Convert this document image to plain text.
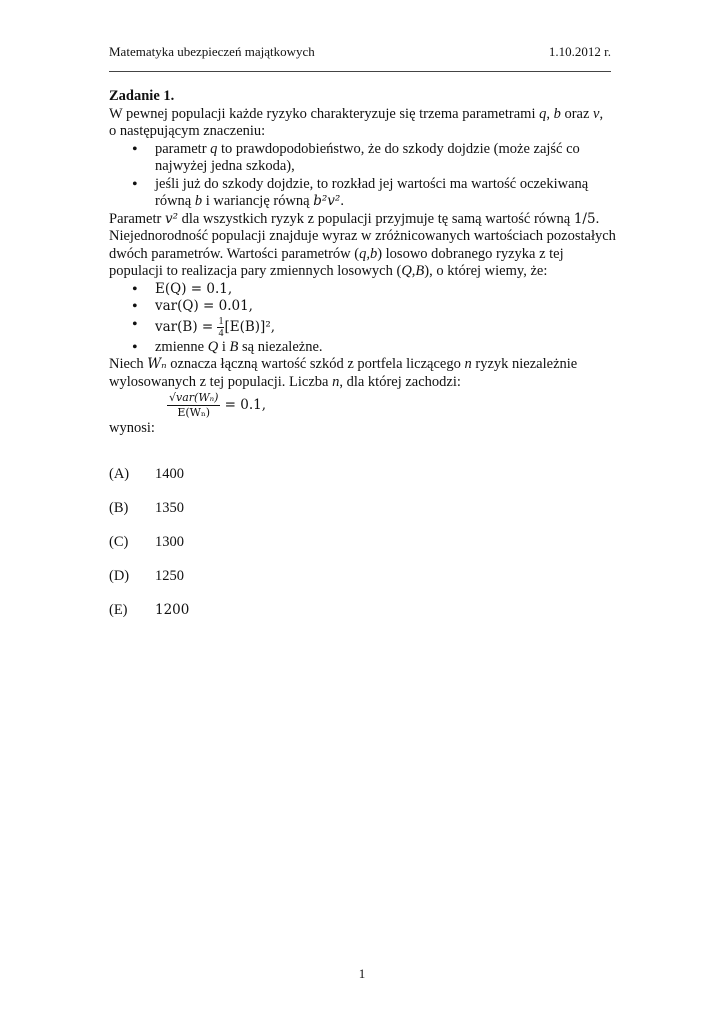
Matematyka ubezpieczeń majątkowych	1.10.2012 r.
Zadanie 1.
W pewnej populacji każde ryzyko charakteryzuje się trzema parametrami q, b oraz v,
o następującym znaczeniu:
• parametr q to prawdopodobieństwo, że do szkody dojdzie (może zajść co najwyżej jedna szkoda),
• jeśli już do szkody dojdzie, to rozkład jej wartości ma wartość oczekiwaną równą b i wariancję równą b²v².
Parametr v² dla wszystkich ryzyk z populacji przyjmuje tę samą wartość równą 1/5.
Niejednorodność populacji znajduje wyraz w zróżnicowanych wartościach pozostałych dwóch parametrów. Wartości parametrów (q,b) losowo dobranego ryzyka z tej populacji to realizacja pary zmiennych losowych (Q,B), o której wiemy, że:
• E(Q) = 0.1,
• var(Q) = 0.01,
• $var(B) = \frac{1}{4} [E(B)]^2$,
• zmienne Q i B są niezależne.
Niech Wₙ oznacza łączną wartość szkód z portfela liczącego n ryzyk niezależnie wylosowanych z tej populacji. Liczba n, dla której zachodzi:
$\frac{\text{√var(Wₙ)}}{\text{E(Wₙ)}} = 0.1$,
wynosi:
(A) 1400
(B) 1350
(C) 1300
(D) 1250
(E) 1200
1
